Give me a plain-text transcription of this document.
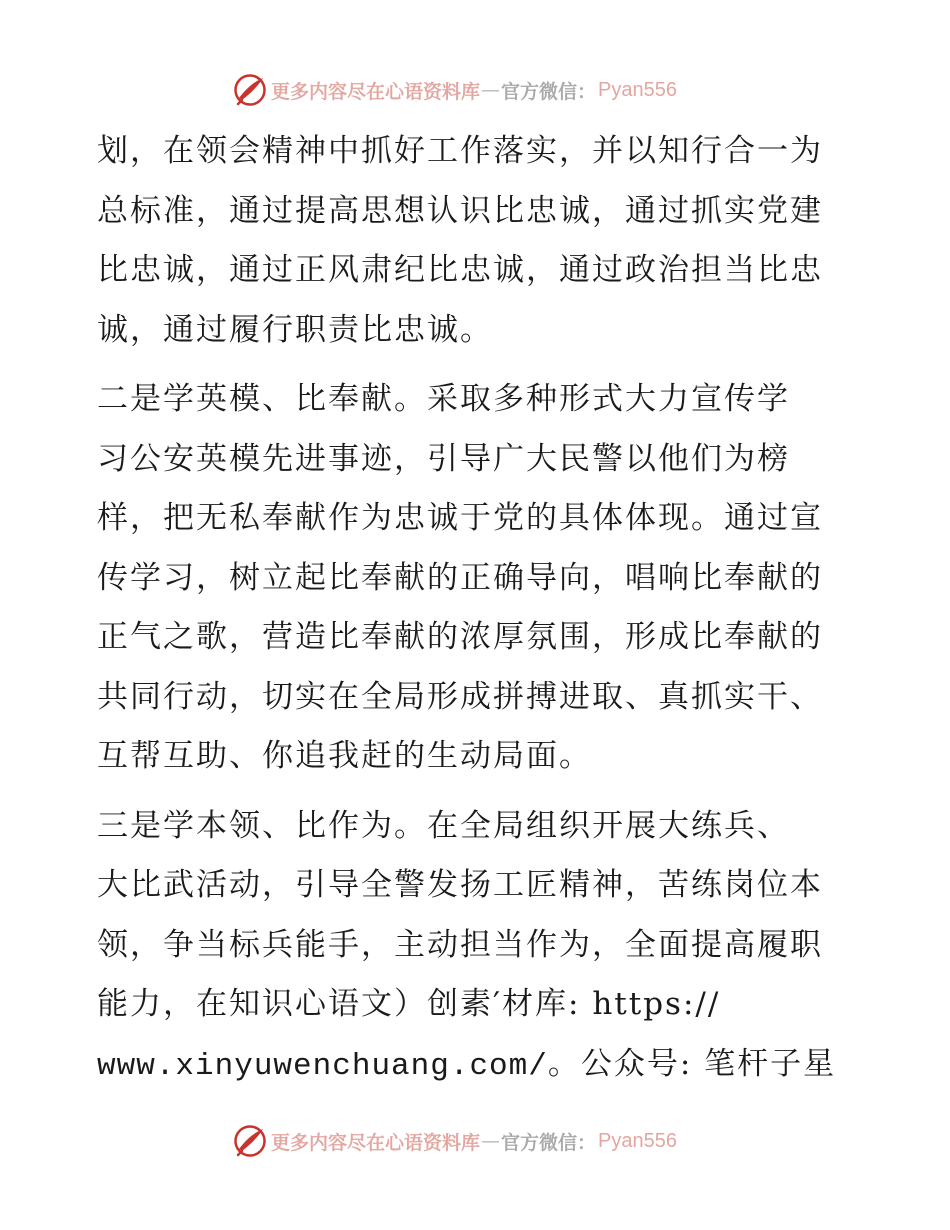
更多内容尽在心语资料库 — 官方微信： Pyan556
划，在领会精神中抓好工作落实，并以知行合一为
总标准，通过提高思想认识比忠诚，通过抓实党建
比忠诚，通过正风肃纪比忠诚，通过政治担当比忠
诚，通过履行职责比忠诚。
二是学英模、比奉献。采取多种形式大力宣传学
习公安英模先进事迹，引导广大民警以他们为榜
样，把无私奉献作为忠诚于党的具体体现。通过宣
传学习，树立起比奉献的正确导向，唱响比奉献的
正气之歌，营造比奉献的浓厚氛围，形成比奉献的
共同行动，切实在全局形成拼搏进取、真抓实干、
互帮互助、你追我赶的生动局面。
三是学本领、比作为。在全局组织开展大练兵、
大比武活动，引导全警发扬工匠精神，苦练岗位本
领，争当标兵能手，主动担当作为，全面提高履职
能力，在知识心语文）创素′材库: https://
www.xinyuwenchuang.com/。公众号: 笔杆子星
更多内容尽在心语资料库 — 官方微信： Pyan556
